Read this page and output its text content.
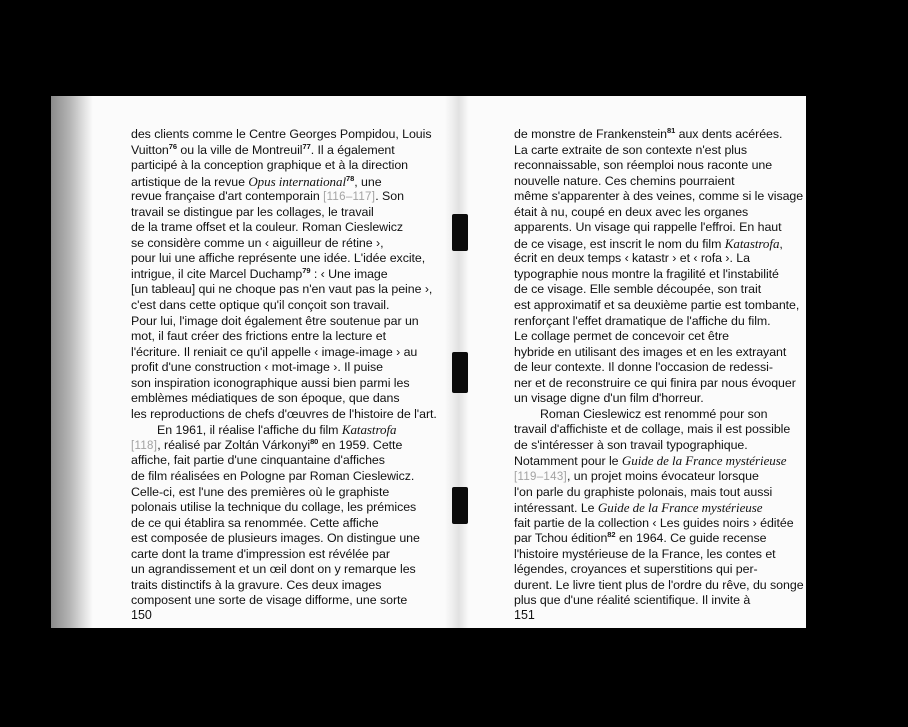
des clients comme le Centre Georges Pompidou, Louis
Vuitton$^{76}$ ou la ville de Montreuil$^{77}$. Il a également
participé à la conception graphique et à la direction
artistique de la revue Opus international$^{78}$, une
revue française d'art contemporain [116–117]. Son
travail se distingue par les collages, le travail
de la trame offset et la couleur. Roman Cieslewicz
se considère comme un ‹ aiguilleur de rétine ›,
pour lui une affiche représente une idée. L'idée excite,
intrigue, il cite Marcel Duchamp$^{79}$ : ‹ Une image
[un tableau] qui ne choque pas n'en vaut pas la peine ›,
c'est dans cette optique qu'il conçoit son travail.
Pour lui, l'image doit également être soutenue par un
mot, il faut créer des frictions entre la lecture et
l'écriture. Il reniait ce qu'il appelle ‹ image-image › au
profit d'une construction ‹ mot-image ›. Il puise
son inspiration iconographique aussi bien parmi les
emblèmes médiatiques de son époque, que dans
les reproductions de chefs d'œuvres de l'histoire de l'art.
En 1961, il réalise l'affiche du film Katastrofa
[118], réalisé par Zoltán Várkonyi$^{80}$ en 1959. Cette
affiche, fait partie d'une cinquantaine d'affiches
de film réalisées en Pologne par Roman Cieslewicz.
Celle-ci, est l'une des premières où le graphiste
polonais utilise la technique du collage, les prémices
de ce qui établira sa renommée. Cette affiche
est composée de plusieurs images. On distingue une
carte dont la trame d'impression est révélée par
un agrandissement et un œil dont on y remarque les
traits distinctifs à la gravure. Ces deux images
composent une sorte de visage difforme, une sorte
150
de monstre de Frankenstein$^{81}$ aux dents acérées.
La carte extraite de son contexte n'est plus
reconnaissable, son réemploi nous raconte une
nouvelle nature. Ces chemins pourraient
même s'apparenter à des veines, comme si le visage
était à nu, coupé en deux avec les organes
apparents. Un visage qui rappelle l'effroi. En haut
de ce visage, est inscrit le nom du film Katastrofa,
écrit en deux temps ‹ katastr › et ‹ rofa ›. La
typographie nous montre la fragilité et l'instabilité
de ce visage. Elle semble découpée, son trait
est approximatif et sa deuxième partie est tombante,
renforçant l'effet dramatique de l'affiche du film.
Le collage permet de concevoir cet être
hybride en utilisant des images et en les extrayant
de leur contexte. Il donne l'occasion de redessi-
ner et de reconstruire ce qui finira par nous évoquer
un visage digne d'un film d'horreur.
Roman Cieslewicz est renommé pour son
travail d'affichiste et de collage, mais il est possible
de s'intéresser à son travail typographique.
Notamment pour le Guide de la France mystérieuse
[119–143], un projet moins évocateur lorsque
l'on parle du graphiste polonais, mais tout aussi
intéressant. Le Guide de la France mystérieuse
fait partie de la collection ‹ Les guides noirs › éditée
par Tchou édition$^{82}$ en 1964. Ce guide recense
l'histoire mystérieuse de la France, les contes et
légendes, croyances et superstitions qui per-
durent. Le livre tient plus de l'ordre du rêve, du songe
plus que d'une réalité scientifique. Il invite à
151
